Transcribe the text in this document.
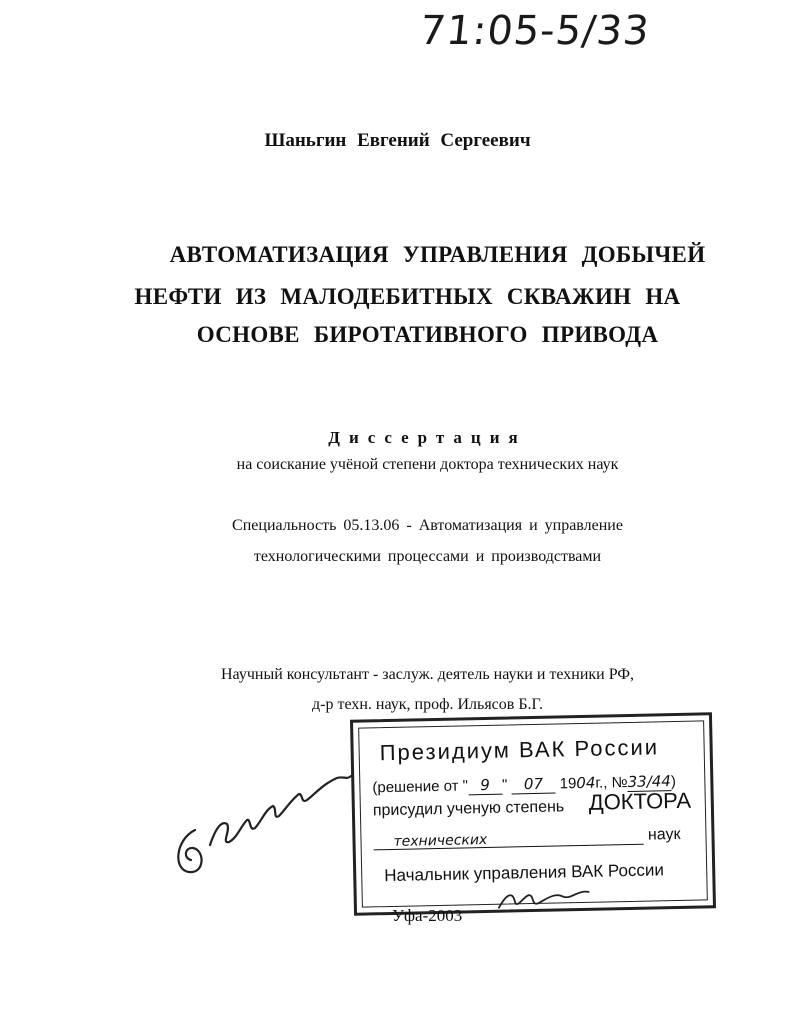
71:05-5/33
Шаньгин Евгений Сергеевич
АВТОМАТИЗАЦИЯ УПРАВЛЕНИЯ ДОБЫЧЕЙ
НЕФТИ ИЗ МАЛОДЕБИТНЫХ СКВАЖИН НА
ОСНОВЕ БИРОТАТИВНОГО ПРИВОДА
Диссертация
на соискание учёной степени доктора технических наук
Специальность 05.13.06 - Автоматизация и управление
технологическими процессами и производствами
Научный консультант - заслуж. деятель науки и техники РФ,
д-р техн. наук, проф. Ильясов Б.Г.
Президиум ВАК России
(решение от " 9 " 07 1904г., №33/44)
присудил ученую степень ДОКТОРА
технических	наук
Начальник управления ВАК России
Уфа-2003
